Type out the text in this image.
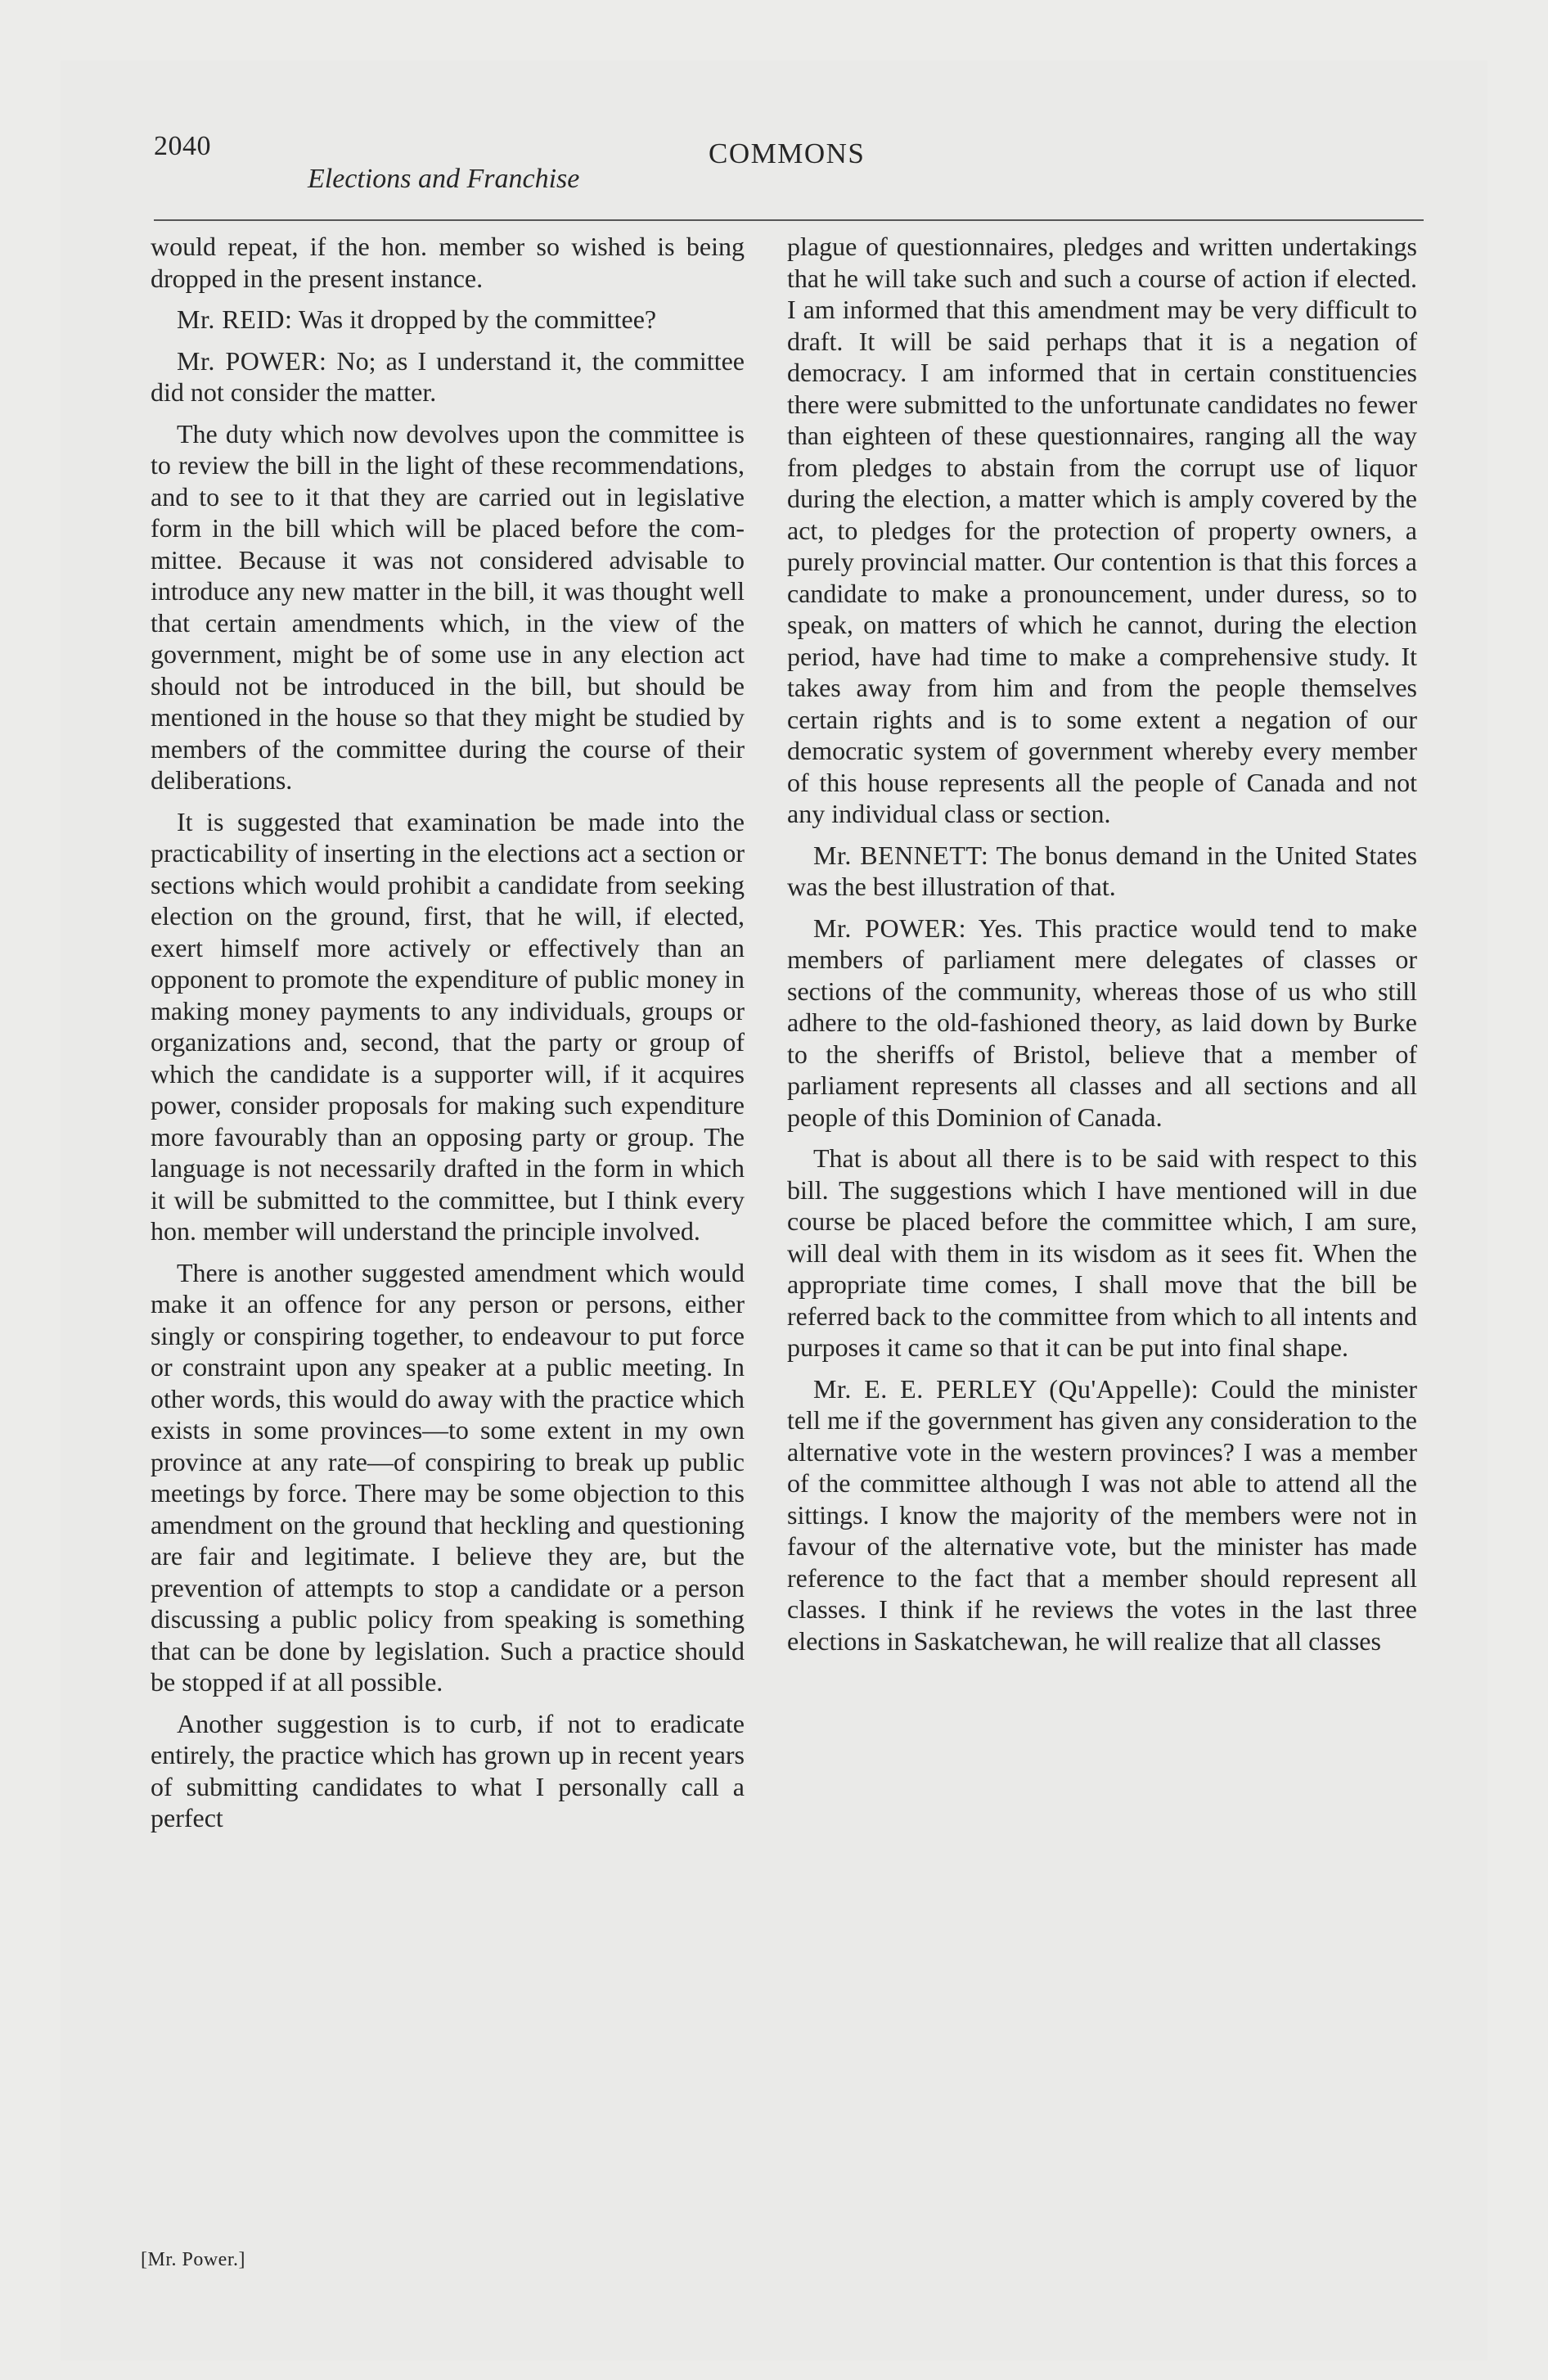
2040
Elections and Franchise
COMMONS

would repeat, if the hon. member so wished is being dropped in the present instance.

Mr. REID: Was it dropped by the committee?

Mr. POWER: No; as I understand it, the committee did not consider the matter.

The duty which now devolves upon the committee is to review the bill in the light of these recommendations, and to see to it that they are carried out in legislative form in the bill which will be placed before the committee. Because it was not considered advisable to introduce any new matter in the bill, it was thought well that certain amendments which, in the view of the government, might be of some use in any election act should not be introduced in the bill, but should be mentioned in the house so that they might be studied by members of the committee during the course of their deliberations.

It is suggested that examination be made into the practicability of inserting in the elections act a section or sections which would prohibit a candidate from seeking election on the ground, first, that he will, if elected, exert himself more actively or effectively than an opponent to promote the expenditure of public money in making money payments to any individuals, groups or organizations and, second, that the party or group of which the candidate is a supporter will, if it acquires power, consider proposals for making such expenditure more favourably than an opposing party or group. The language is not necessarily drafted in the form in which it will be submitted to the committee, but I think every hon. member will understand the principle involved.

There is another suggested amendment which would make it an offence for any person or persons, either singly or conspiring together, to endeavour to put force or constraint upon any speaker at a public meeting. In other words, this would do away with the practice which exists in some provinces—to some extent in my own province at any rate—of conspiring to break up public meetings by force. There may be some objection to this amendment on the ground that heckling and questioning are fair and legitimate. I believe they are, but the prevention of attempts to stop a candidate or a person discussing a public policy from speaking is something that can be done by legislation. Such a practice should be stopped if at all possible.

Another suggestion is to curb, if not to eradicate entirely, the practice which has grown up in recent years of submitting candidates to what I personally call a perfect

plague of questionnaires, pledges and written undertakings that he will take such and such a course of action if elected. I am informed that this amendment may be very difficult to draft. It will be said perhaps that it is a negation of democracy. I am informed that in certain constituencies there were submitted to the unfortunate candidates no fewer than eighteen of these questionnaires, ranging all the way from pledges to abstain from the corrupt use of liquor during the election, a matter which is amply covered by the act, to pledges for the protection of property owners, a purely provincial matter. Our contention is that this forces a candidate to make a pronouncement, under duress, so to speak, on matters of which he cannot, during the election period, have had time to make a comprehensive study. It takes away from him and from the people themselves certain rights and is to some extent a negation of our democratic system of government whereby every member of this house represents all the people of Canada and not any individual class or section.

Mr. BENNETT: The bonus demand in the United States was the best illustration of that.

Mr. POWER: Yes. This practice would tend to make members of parliament mere delegates of classes or sections of the community, whereas those of us who still adhere to the old-fashioned theory, as laid down by Burke to the sheriffs of Bristol, believe that a member of parliament represents all classes and all sections and all people of this Dominion of Canada.

That is about all there is to be said with respect to this bill. The suggestions which I have mentioned will in due course be placed before the committee which, I am sure, will deal with them in its wisdom as it sees fit. When the appropriate time comes, I shall move that the bill be referred back to the committee from which to all intents and purposes it came so that it can be put into final shape.

Mr. E. E. PERLEY (Qu'Appelle): Could the minister tell me if the government has given any consideration to the alternative vote in the western provinces? I was a member of the committee although I was not able to attend all the sittings. I know the majority of the members were not in favour of the alternative vote, but the minister has made reference to the fact that a member should represent all classes. I think if he reviews the votes in the last three elections in Saskatchewan, he will realize that all classes

[Mr. Power.]
